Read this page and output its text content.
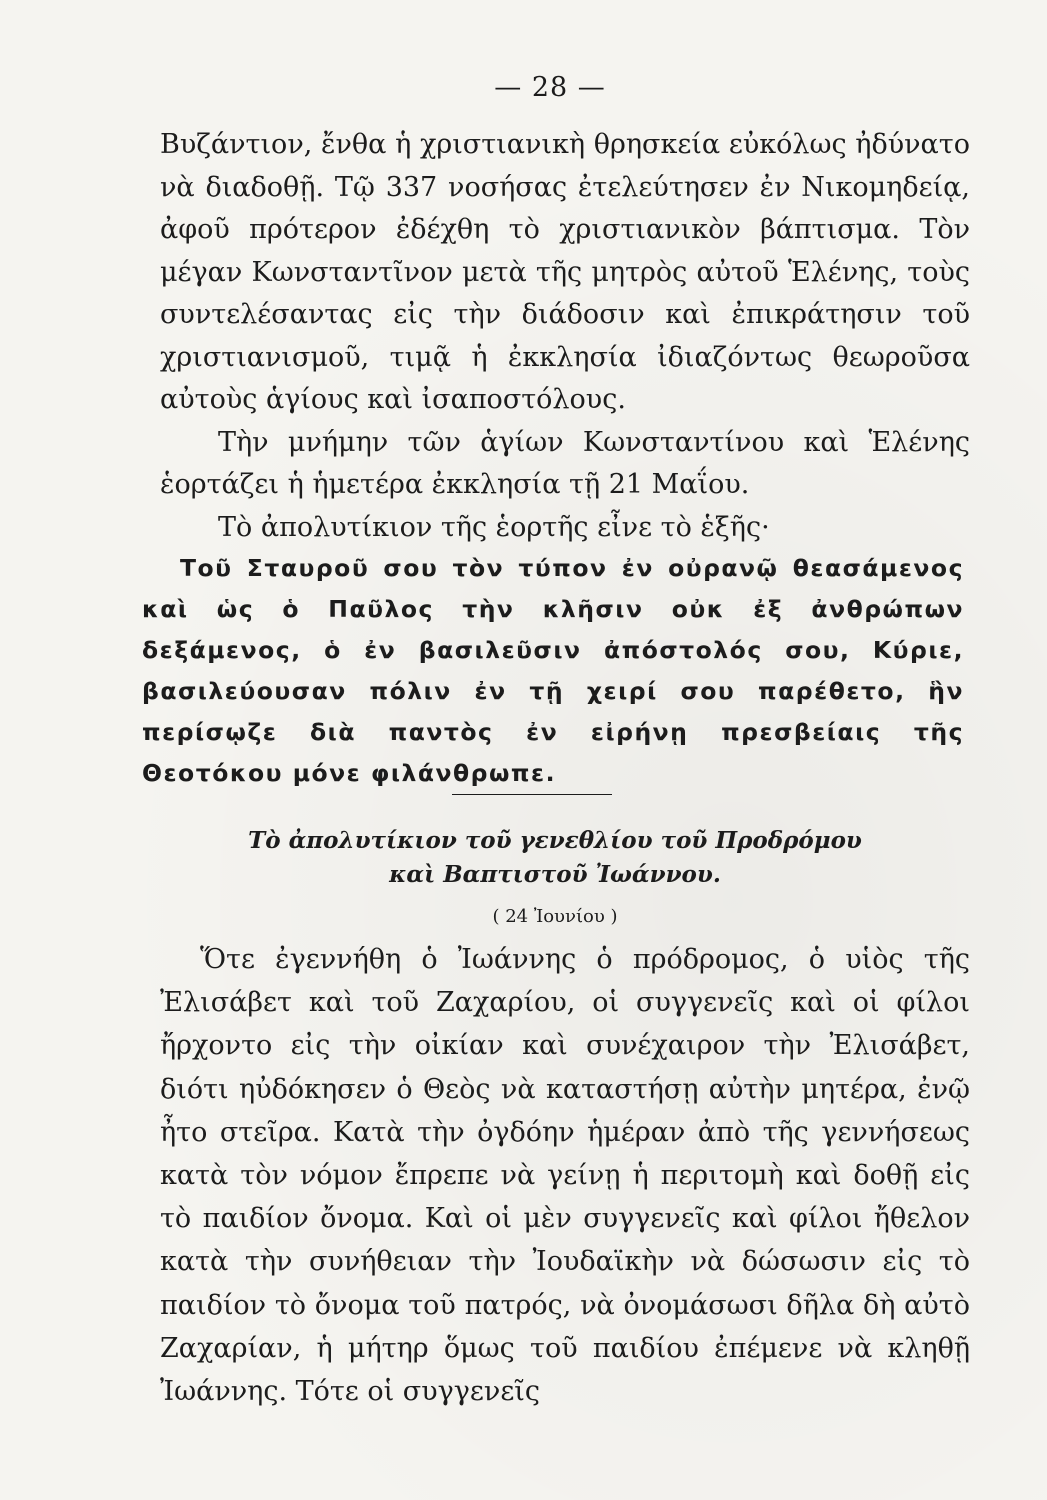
— 28 —

Βυζάντιον, ἔνθα ἡ χριστιανικὴ θρησκεία εὐκόλως ἠδύνατο νὰ διαδοθῇ. Τῷ 337 νοσήσας ἐτελεύτησεν ἐν Νικομηδείᾳ, ἀφοῦ πρότερον ἐδέχθη τὸ χριστιανικὸν βάπτισμα. Τὸν μέγαν Κωνσταντῖνον μετὰ τῆς μητρὸς αὐτοῦ Ἑλένης, τοὺς συντελέσαντας εἰς τὴν διάδοσιν καὶ ἐπικράτησιν τοῦ χριστιανισμοῦ, τιμᾷ ἡ ἐκκλησία ἰδιαζόντως θεωροῦσα αὐτοὺς ἁγίους καὶ ἰσαποστόλους.

Τὴν μνήμην τῶν ἁγίων Κωνσταντίνου καὶ Ἑλένης ἑορτάζει ἡ ἡμετέρα ἐκκλησία τῇ 21 Μαΐου.

Τὸ ἀπολυτίκιον τῆς ἑορτῆς εἶνε τὸ ἑξῆς·

Τοῦ Σταυροῦ σου τὸν τύπον ἐν οὐρανῷ θεασάμενος καὶ ὡς ὁ Παῦλος τὴν κλῆσιν οὐκ ἐξ ἀνθρώπων δεξάμενος, ὁ ἐν βασιλεῦσιν ἀπόστολός σου, Κύριε, βασιλεύουσαν πόλιν ἐν τῇ χειρί σου παρέθετο, ἣν περίσῳζε διὰ παντὸς ἐν εἰρήνῃ πρεσβείαις τῆς Θεοτόκου μόνε φιλάνθρωπε.

Τὸ ἀπολυτίκιον τοῦ γενεθλίου τοῦ Προδρόμου
καὶ Βαπτιστοῦ Ἰωάννου.

( 24 Ἰουνίου )

Ὅτε ἐγεννήθη ὁ Ἰωάννης ὁ πρόδρομος, ὁ υἱὸς τῆς Ἐλισάβετ καὶ τοῦ Ζαχαρίου, οἱ συγγενεῖς καὶ οἱ φίλοι ἤρχοντο εἰς τὴν οἰκίαν καὶ συνέχαιρον τὴν Ἐλισάβετ, διότι ηὐδόκησεν ὁ Θεὸς νὰ καταστήσῃ αὐτὴν μητέρα, ἐνῷ ἦτο στεῖρα. Κατὰ τὴν ὀγδόην ἡμέραν ἀπὸ τῆς γεννήσεως κατὰ τὸν νόμον ἔπρεπε νὰ γείνῃ ἡ περιτομὴ καὶ δοθῇ εἰς τὸ παιδίον ὄνομα. Καὶ οἱ μὲν συγγενεῖς καὶ φίλοι ἤθελον κατὰ τὴν συνήθειαν τὴν Ἰουδαϊκὴν νὰ δώσωσιν εἰς τὸ παιδίον τὸ ὄνομα τοῦ πατρός, νὰ ὀνομάσωσι δῆλα δὴ αὐτὸ Ζαχαρίαν, ἡ μήτηρ ὅμως τοῦ παιδίου ἐπέμενε νὰ κληθῇ Ἰωάννης. Τότε οἱ συγγενεῖς
